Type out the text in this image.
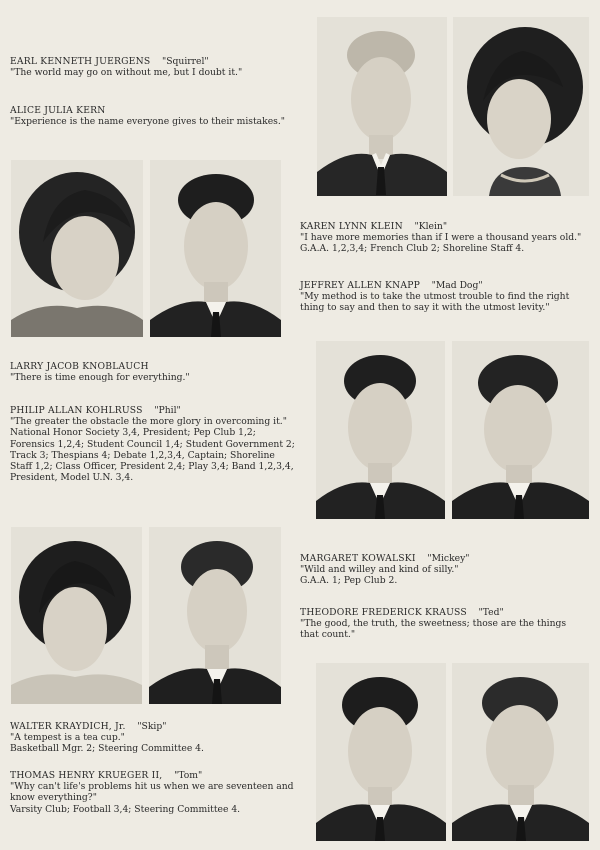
EARL KENNETH JUERGENS "Squirrel"
"The world may go on without me, but I doubt it."
ALICE JULIA KERN
"Experience is the name everyone gives to their mistakes."
KAREN LYNN KLEIN "Klein"
"I have more memories than if I were a thousand years old."
G.A.A. 1,2,3,4; French Club 2; Shoreline Staff 4.
JEFFREY ALLEN KNAPP "Mad Dog"
"My method is to take the utmost trouble to find the right thing to say and then to say it with the utmost levity."
LARRY JACOB KNOBLAUCH
"There is time enough for everything."
PHILIP ALLAN KOHLRUSS "Phil"
"The greater the obstacle the more glory in overcoming it."
National Honor Society 3,4, President; Pep Club 1,2; Forensics 1,2,4; Student Council 1,4; Student Government 2; Track 3; Thespians 4; Debate 1,2,3,4, Captain; Shoreline Staff 1,2; Class Officer, President 2,4; Play 3,4; Band 1,2,3,4, President, Model U.N. 3,4.
MARGARET KOWALSKI "Mickey"
"Wild and willey and kind of silly."
G.A.A. 1; Pep Club 2.
THEODORE FREDERICK KRAUSS "Ted"
"The good, the truth, the sweetness; those are the things that count."
WALTER KRAYDICH, Jr. "Skip"
"A tempest is a tea cup."
Basketball Mgr. 2; Steering Committee 4.
THOMAS HENRY KRUEGER II, "Tom"
"Why can't life's problems hit us when we are seventeen and know everything?"
Varsity Club; Football 3,4; Steering Committee 4.
